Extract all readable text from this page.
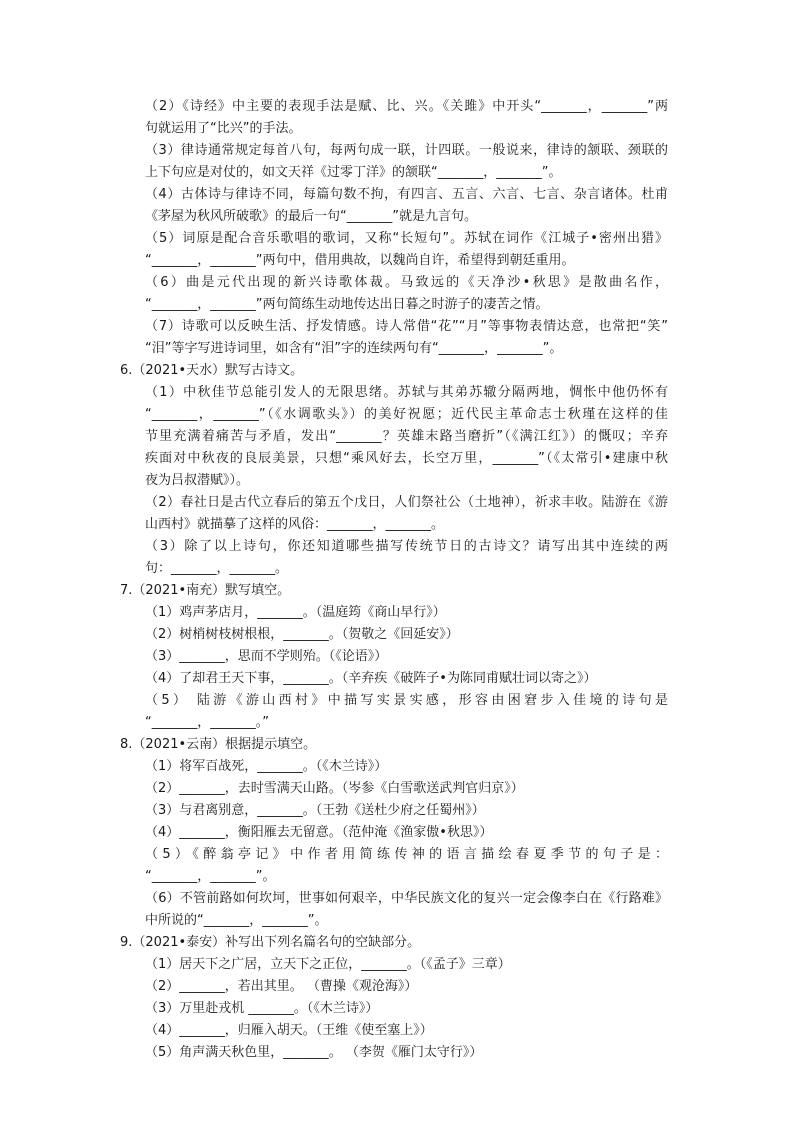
（2）《诗经》中主要的表现手法是赋、比、兴。《关雎》中开头“_______，_______”两
句就运用了“比兴”的手法。
（3）律诗通常规定每首八句，每两句成一联，计四联。一般说来，律诗的颔联、颈联的
上下句应是对仗的，如文天祥《过零丁洋》的颔联“_______，_______”。
（4）古体诗与律诗不同，每篇句数不拘，有四言、五言、六言、七言、杂言诸体。杜甫
《茅屋为秋风所破歌》的最后一句“_______”就是九言句。
（5）词原是配合音乐歌唱的歌词，又称“长短句”。苏轼在词作《江城子•密州出猎》
“_______，_______”两句中，借用典故，以魏尚自许，希望得到朝廷重用。
（6）曲是元代出现的新兴诗歌体裁。马致远的《天净沙•秋思》是散曲名作，
“_______，_______”两句简练生动地传达出日暮之时游子的凄苦之情。
（7）诗歌可以反映生活、抒发情感。诗人常借“花”“月”等事物表情达意，也常把“笑”
“泪”等字写进诗词里，如含有“泪”字的连续两句有“_______，_______”。
6.（2021•天水）默写古诗文。
（1）中秋佳节总能引发人的无限思绪。苏轼与其弟苏辙分隔两地，惆怅中他仍怀有
“_______，_______”（《水调歌头》）的美好祝愿；近代民主革命志士秋瑾在这样的佳
节里充满着痛苦与矛盾，发出“_______？英雄末路当磨折”（《满江红》）的慨叹；辛弃
疾面对中秋夜的良辰美景，只想“乘风好去，长空万里，_______”（《太常引•建康中秋
夜为吕叔潜赋》）。
（2）春社日是古代立春后的第五个戊日，人们祭社公（土地神），祈求丰收。陆游在《游
山西村》就描摹了这样的风俗：_______，_______。
（3）除了以上诗句，你还知道哪些描写传统节日的古诗文？请写出其中连续的两
句：_______，_______。
7.（2021•南充）默写填空。
（1）鸡声茅店月，_______。（温庭筠《商山早行》）
（2）树梢树枝树根根，_______。（贺敬之《回延安》）
（3）_______，思而不学则殆。（《论语》）
（4）了却君王天下事，_______。（辛弃疾《破阵子•为陈同甫赋壮词以寄之》）
（5） 陆游《游山西村》中描写实景实感，形容由困窘步入佳境的诗句是
“_______，_______。”
8.（2021•云南）根据提示填空。
（1）将军百战死，_______。（《木兰诗》）
（2）_______，去时雪满天山路。（岑参《白雪歌送武判官归京》）
（3）与君离别意，_______。（王勃《送杜少府之任蜀州》）
（4）_______，衡阳雁去无留意。（范仲淹《渔家傲•秋思》）
（5）《醉翁亭记》中作者用简练传神的语言描绘春夏季节的句子是：
“_______，_______”。
（6）不管前路如何坎坷，世事如何艰辛，中华民族文化的复兴一定会像李白在《行路难》
中所说的“_______，_______”。
9.（2021•泰安）补写出下列名篇名句的空缺部分。
（1）居天下之广居，立天下之正位，_______。（《孟子》三章）
（2）_______，若出其里。 （曹操《观沧海》）
（3）万里赴戎机 _______。（《木兰诗》）
（4）_______，归雁入胡天。（王维《使至塞上》）
（5）角声满天秋色里，_______。 （李贺《雁门太守行》）
